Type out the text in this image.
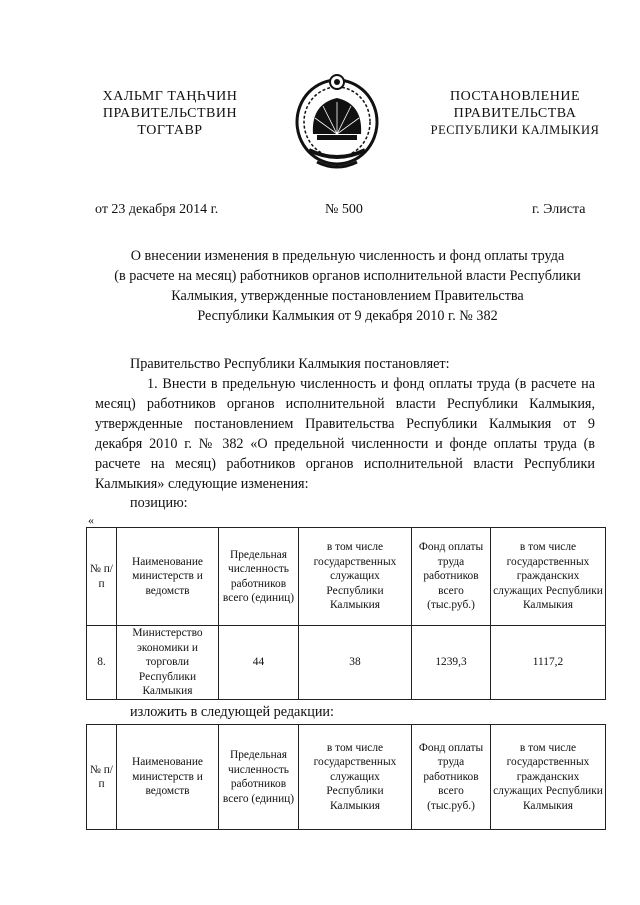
ХАЛЬМГ ТАҢҺЧИН
ПРАВИТЕЛЬСТВИН
ТОГТАВР
ПОСТАНОВЛЕНИЕ
ПРАВИТЕЛЬСТВА
РЕСПУБЛИКИ КАЛМЫКИЯ
от 23 декабря 2014 г.	№ 500	г. Элиста
О внесении изменения в предельную численность и фонд оплаты труда
(в расчете на месяц) работников органов исполнительной власти Республики
Калмыкия, утвержденные постановлением Правительства
Республики Калмыкия от 9 декабря 2010 г. № 382
Правительство Республики Калмыкия постановляет:
1. Внести в предельную численность и фонд оплаты труда (в расчете на
месяц) работников органов исполнительной власти Республики Калмыкия,
утвержденные постановлением Правительства Республики Калмыкия от 9
декабря 2010 г. № 382 «О предельной численности и фонде оплаты труда (в
расчете на месяц) работников органов исполнительной власти Республики
Калмыкия» следующие изменения:
позицию:
«
№ п/п	Наименование министерств и ведомств	Предельная численность работников всего (единиц)	в том числе государственных служащих Республики Калмыкия	Фонд оплаты труда работников всего (тыс.руб.)	в том числе государственных гражданских служащих Республики Калмыкия
8.	Министерство экономики и торговли Республики Калмыкия	44	38	1239,3	1117,2
изложить в следующей редакции:
№ п/п	Наименование министерств и ведомств	Предельная численность работников всего (единиц)	в том числе государственных служащих Республики Калмыкия	Фонд оплаты труда работников всего (тыс.руб.)	в том числе государственных гражданских служащих Республики Калмыкия
